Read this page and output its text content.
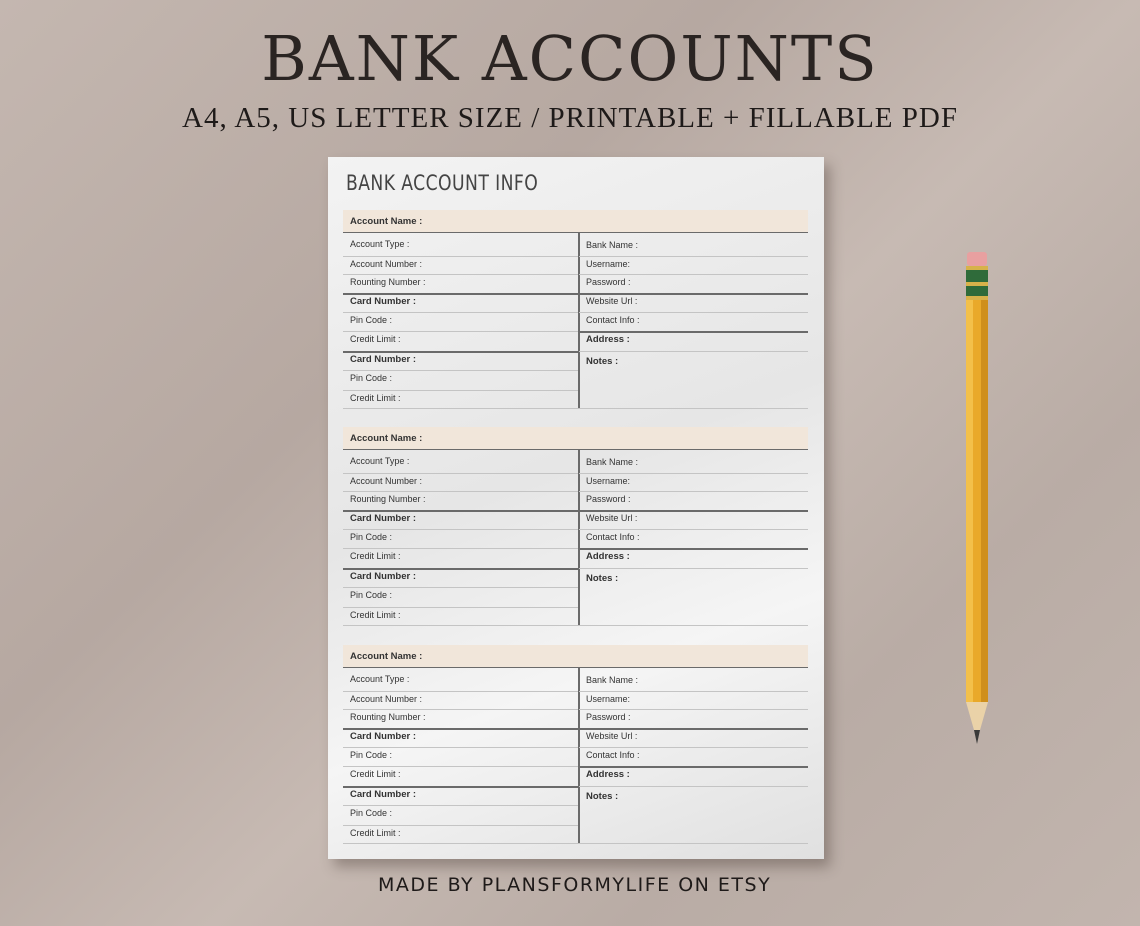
BANK ACCOUNTS
A4, A5, US LETTER SIZE / PRINTABLE + FILLABLE PDF
BANK ACCOUNT INFO
Account Name :
Account Type :
Account Number :
Rounting Number :
Card Number :
Pin Code :
Credit Limit :
Card Number :
Pin Code :
Credit Limit :
Bank Name :
Username:
Password :
Website Url :
Contact Info :
Address :
Notes :
Account Name :
Account Type :
Account Number :
Rounting Number :
Card Number :
Pin Code :
Credit Limit :
Card Number :
Pin Code :
Credit Limit :
Bank Name :
Username:
Password :
Website Url :
Contact Info :
Address :
Notes :
Account Name :
Account Type :
Account Number :
Rounting Number :
Card Number :
Pin Code :
Credit Limit :
Card Number :
Pin Code :
Credit Limit :
Bank Name :
Username:
Password :
Website Url :
Contact Info :
Address :
Notes :
MADE BY PLANSFORMYLIFE ON ETSY
